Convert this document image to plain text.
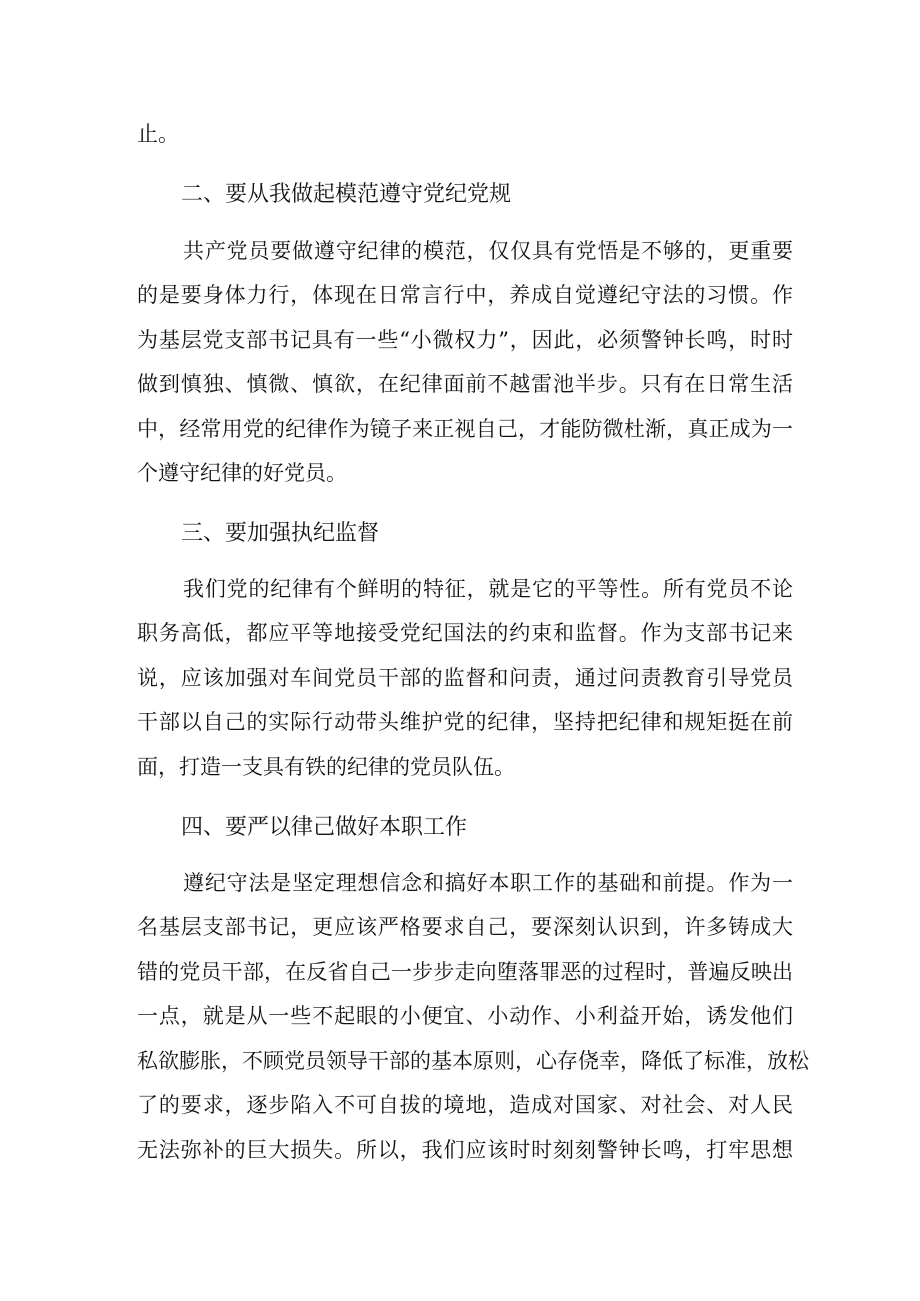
止。
二、要从我做起模范遵守党纪党规
共产党员要做遵守纪律的模范，仅仅具有党悟是不够的，更重要
的是要身体力行，体现在日常言行中，养成自觉遵纪守法的习惯。作
为基层党支部书记具有一些“小微权力”，因此，必须警钟长鸣，时时
做到慎独、慎微、慎欲，在纪律面前不越雷池半步。只有在日常生活
中，经常用党的纪律作为镜子来正视自己，才能防微杜渐，真正成为一
个遵守纪律的好党员。
三、要加强执纪监督
我们党的纪律有个鲜明的特征，就是它的平等性。所有党员不论
职务高低，都应平等地接受党纪国法的约束和监督。作为支部书记来
说，应该加强对车间党员干部的监督和问责，通过问责教育引导党员
干部以自己的实际行动带头维护党的纪律，坚持把纪律和规矩挺在前
面，打造一支具有铁的纪律的党员队伍。
四、要严以律己做好本职工作
遵纪守法是坚定理想信念和搞好本职工作的基础和前提。作为一
名基层支部书记，更应该严格要求自己，要深刻认识到，许多铸成大
错的党员干部，在反省自己一步步走向堕落罪恶的过程时，普遍反映出
一点，就是从一些不起眼的小便宜、小动作、小利益开始，诱发他们
私欲膨胀，不顾党员领导干部的基本原则，心存侥幸，降低了标准，放松
了的要求，逐步陷入不可自拔的境地，造成对国家、对社会、对人民
无法弥补的巨大损失。所以，我们应该时时刻刻警钟长鸣，打牢思想
